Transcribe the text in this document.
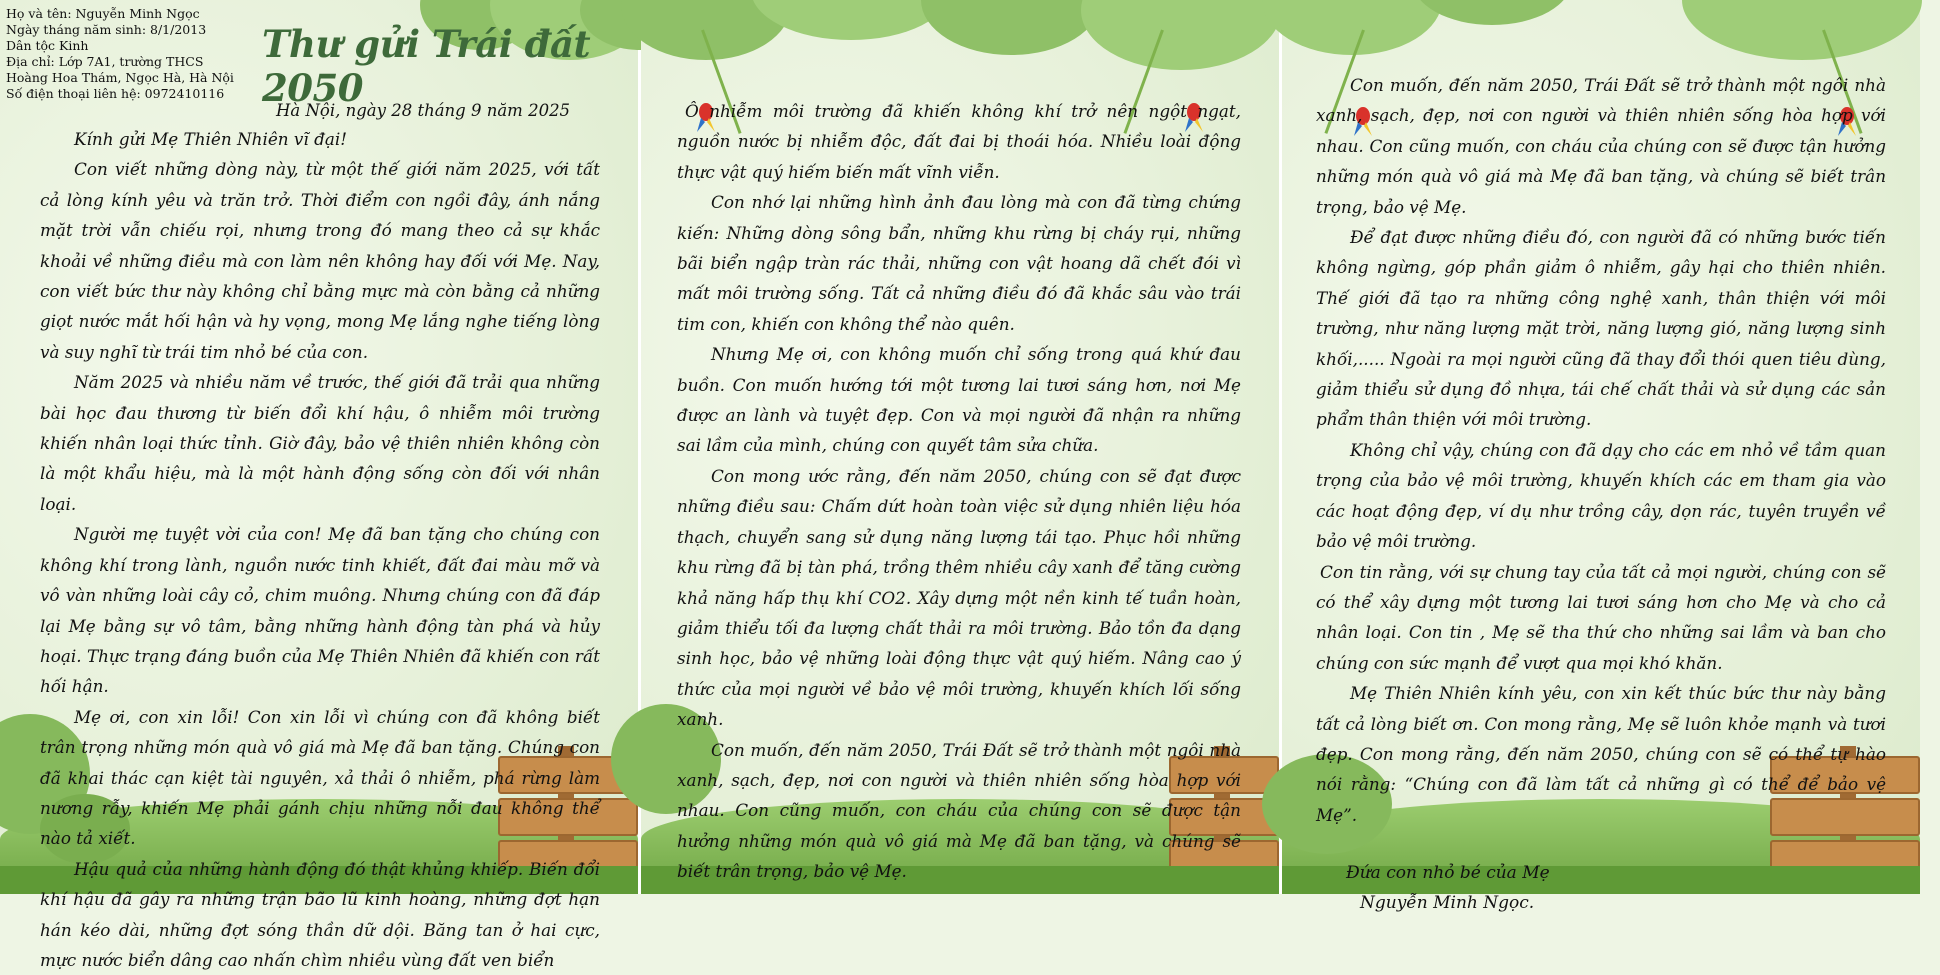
Họ và tên: Nguyễn Minh Ngọc
Ngày tháng năm sinh: 8/1/2013
Dân tộc Kinh
Địa chỉ: Lớp 7A1, trường THCS
Hoàng Hoa Thám, Ngọc Hà, Hà Nội
Số điện thoại liên hệ: 0972410116
Thư gửi Trái đất 2050
Hà Nội, ngày 28 tháng 9 năm 2025

Kính gửi Mẹ Thiên Nhiên vĩ đại!

Con viết những dòng này, từ một thế giới năm 2025, với tất cả lòng kính yêu và trăn trở. Thời điểm con ngồi đây, ánh nắng mặt trời vẫn chiếu rọi, nhưng trong đó mang theo cả sự khắc khoải về những điều mà con làm nên không hay đối với Mẹ. Nay, con viết bức thư này không chỉ bằng mực mà còn bằng cả những giọt nước mắt hối hận và hy vọng, mong Mẹ lắng nghe tiếng lòng và suy nghĩ từ trái tim nhỏ bé của con.

Năm 2025 và nhiều năm về trước, thế giới đã trải qua những bài học đau thương từ biến đổi khí hậu, ô nhiễm môi trường khiến nhân loại thức tỉnh. Giờ đây, bảo vệ thiên nhiên không còn là một khẩu hiệu, mà là một hành động sống còn đối với nhân loại.

Người mẹ tuyệt vời của con! Mẹ đã ban tặng cho chúng con không khí trong lành, nguồn nước tinh khiết, đất đai màu mỡ và vô vàn những loài cây cỏ, chim muông. Nhưng chúng con đã đáp lại Mẹ bằng sự vô tâm, bằng những hành động tàn phá và hủy hoại. Thực trạng đáng buồn của Mẹ Thiên Nhiên đã khiến con rất hối hận.

Mẹ ơi, con xin lỗi! Con xin lỗi vì chúng con đã không biết trân trọng những món quà vô giá mà Mẹ đã ban tặng. Chúng con đã khai thác cạn kiệt tài nguyên, xả thải ô nhiễm, phá rừng làm nương rẫy, khiến Mẹ phải gánh chịu những nỗi đau không thể nào tả xiết.

Hậu quả của những hành động đó thật khủng khiếp. Biến đổi khí hậu đã gây ra những trận bão lũ kinh hoàng, những đợt hạn hán kéo dài, những đợt sóng thần dữ dội. Băng tan ở hai cực, mực nước biển dâng cao nhấn chìm nhiều vùng đất ven biển

Ô nhiễm môi trường đã khiến không khí trở nên ngột ngạt, nguồn nước bị nhiễm độc, đất đai bị thoái hóa. Nhiều loài động thực vật quý hiếm biến mất vĩnh viễn.

Con nhớ lại những hình ảnh đau lòng mà con đã từng chứng kiến: Những dòng sông bẩn, những khu rừng bị cháy rụi, những bãi biển ngập tràn rác thải, những con vật hoang dã chết đói vì mất môi trường sống. Tất cả những điều đó đã khắc sâu vào trái tim con, khiến con không thể nào quên.

Nhưng Mẹ ơi, con không muốn chỉ sống trong quá khứ đau buồn. Con muốn hướng tới một tương lai tươi sáng hơn, nơi Mẹ được an lành và tuyệt đẹp. Con và mọi người đã nhận ra những sai lầm của mình, chúng con quyết tâm sửa chữa.

Con mong ước rằng, đến năm 2050, chúng con sẽ đạt được những điều sau: Chấm dứt hoàn toàn việc sử dụng nhiên liệu hóa thạch, chuyển sang sử dụng năng lượng tái tạo. Phục hồi những khu rừng đã bị tàn phá, trồng thêm nhiều cây xanh để tăng cường khả năng hấp thụ khí CO2. Xây dựng một nền kinh tế tuần hoàn, giảm thiểu tối đa lượng chất thải ra môi trường. Bảo tồn đa dạng sinh học, bảo vệ những loài động thực vật quý hiếm. Nâng cao ý thức của mọi người về bảo vệ môi trường, khuyến khích lối sống xanh.

Con muốn, đến năm 2050, Trái Đất sẽ trở thành một ngôi nhà xanh, sạch, đẹp, nơi con người và thiên nhiên sống hòa hợp với nhau. Con cũng muốn, con cháu của chúng con sẽ được tận hưởng những món quà vô giá mà Mẹ đã ban tặng, và chúng sẽ biết trân trọng, bảo vệ Mẹ.

Con muốn, đến năm 2050, Trái Đất sẽ trở thành một ngôi nhà xanh, sạch, đẹp, nơi con người và thiên nhiên sống hòa hợp với nhau. Con cũng muốn, con cháu của chúng con sẽ được tận hưởng những món quà vô giá mà Mẹ đã ban tặng, và chúng sẽ biết trân trọng, bảo vệ Mẹ.

Để đạt được những điều đó, con người đã có những bước tiến không ngừng, góp phần giảm ô nhiễm, gây hại cho thiên nhiên. Thế giới đã tạo ra những công nghệ xanh, thân thiện với môi trường, như năng lượng mặt trời, năng lượng gió, năng lượng sinh khối,..... Ngoài ra mọi người cũng đã thay đổi thói quen tiêu dùng, giảm thiểu sử dụng đồ nhựa, tái chế chất thải và sử dụng các sản phẩm thân thiện với môi trường.

Không chỉ vậy, chúng con đã dạy cho các em nhỏ về tầm quan trọng của bảo vệ môi trường, khuyến khích các em tham gia vào các hoạt động đẹp, ví dụ như trồng cây, dọn rác, tuyên truyền về bảo vệ môi trường.

Con tin rằng, với sự chung tay của tất cả mọi người, chúng con sẽ có thể xây dựng một tương lai tươi sáng hơn cho Mẹ và cho cả nhân loại. Con tin , Mẹ sẽ tha thứ cho những sai lầm và ban cho chúng con sức mạnh để vượt qua mọi khó khăn.

Mẹ Thiên Nhiên kính yêu, con xin kết thúc bức thư này bằng tất cả lòng biết ơn. Con mong rằng, Mẹ sẽ luôn khỏe mạnh và tươi đẹp. Con mong rằng, đến năm 2050, chúng con sẽ có thể tự hào nói rằng: “Chúng con đã làm tất cả những gì có thể để bảo vệ Mẹ”.

Đứa con nhỏ bé của Mẹ
Nguyễn Minh Ngọc.
